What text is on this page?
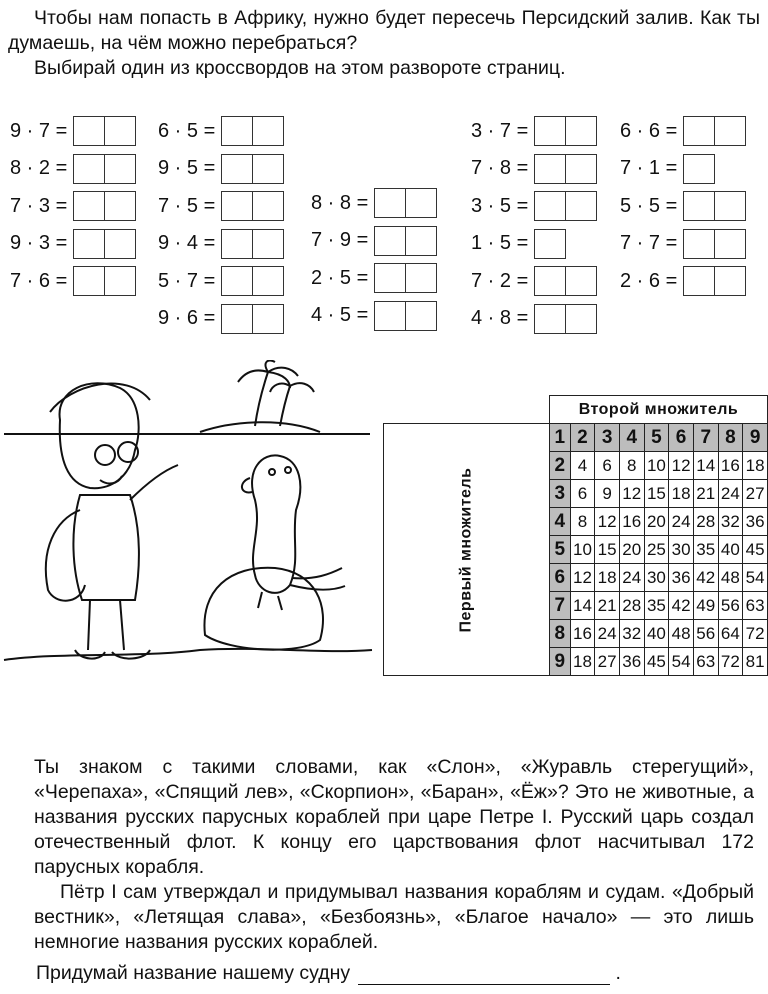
Чтобы нам попасть в Африку, нужно будет пересечь Персидский залив. Как ты думаешь, на чём можно перебраться?

Выбирай один из кроссвордов на этом развороте страниц.

9 · 7 =
8 · 2 =
7 · 3 =
9 · 3 =
7 · 6 =
6 · 5 =
9 · 5 =
7 · 5 =
9 · 4 =
5 · 7 =
9 · 6 =
8 · 8 =
7 · 9 =
2 · 5 =
4 · 5 =
3 · 7 =
7 · 8 =
3 · 5 =
1 · 5 =
7 · 2 =
4 · 8 =
6 · 6 =
7 · 1 =
5 · 5 =
7 · 7 =
2 · 6 =
	Второй множитель								

Первый множитель	1	2	3	4	5	6	7	8	9
	2	4	6	8	10	12	14	16	18
	3	6	9	12	15	18	21	24	27
	4	8	12	16	20	24	28	32	36
	5	10	15	20	25	30	35	40	45
	6	12	18	24	30	36	42	48	54
	7	14	21	28	35	42	49	56	63
	8	16	24	32	40	48	56	64	72
	9	18	27	36	45	54	63	72	81

Ты знаком с такими словами, как «Слон», «Журавль стерегущий», «Черепаха», «Спящий лев», «Скорпион», «Баран», «Ёж»? Это не животные, а названия русских парусных кораблей при царе Петре I. Русский царь создал отечественный флот. К концу его царствования флот насчитывал 172 парусных корабля.

Пётр I сам утверждал и придумывал названия кораблям и судам. «Добрый вестник», «Летящая слава», «Безбоязнь», «Благое начало» — это лишь немногие названия русских кораблей.

Придумай название нашему судну	.
